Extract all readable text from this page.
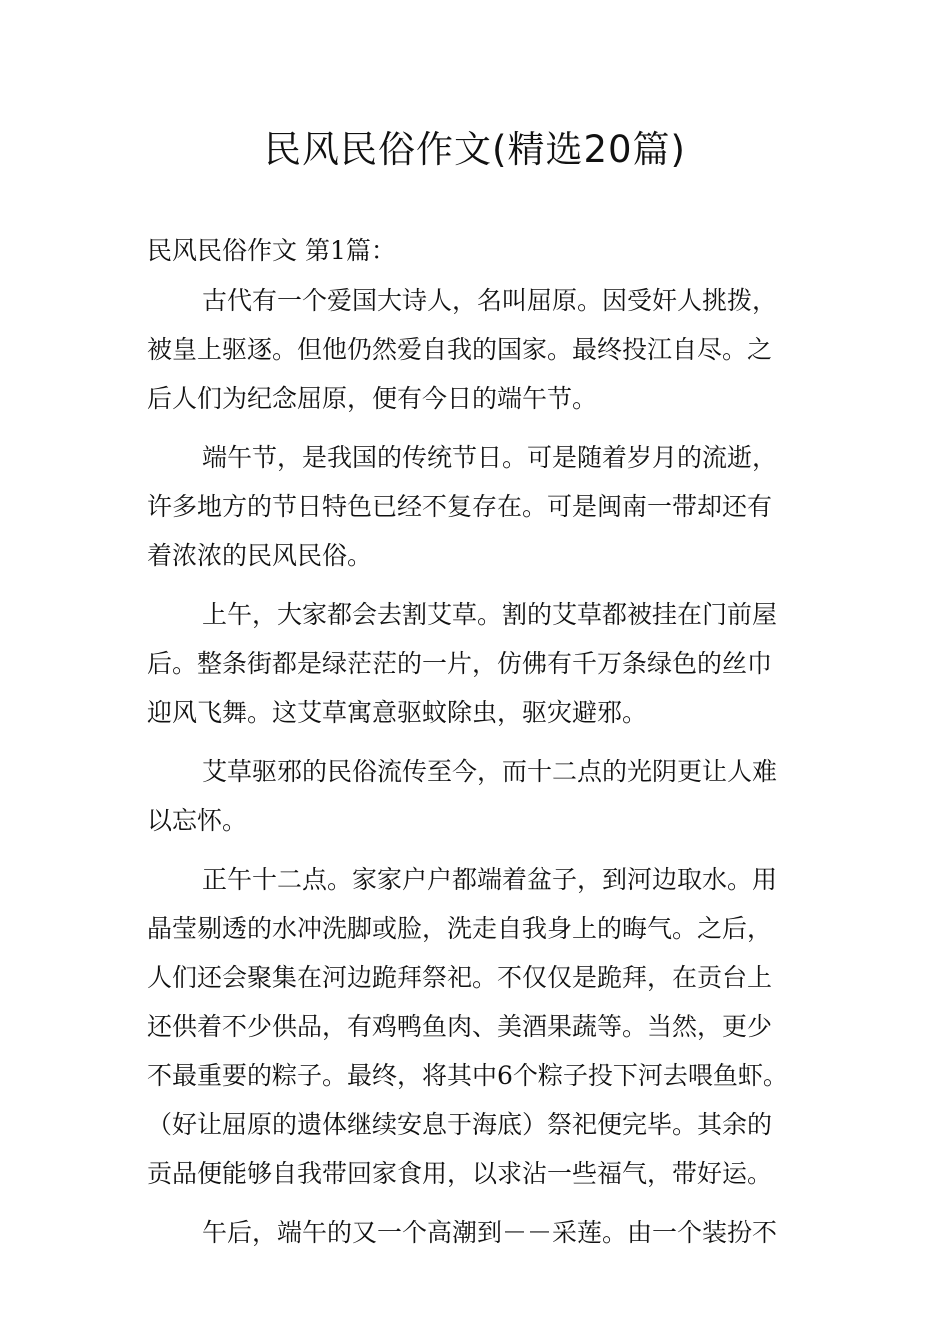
民风民俗作文(精选20篇)
民风民俗作文 第1篇：

古代有一个爱国大诗人，名叫屈原。因受奸人挑拨，
被皇上驱逐。但他仍然爱自我的国家。最终投江自尽。之
后人们为纪念屈原，便有今日的端午节。

端午节，是我国的传统节日。可是随着岁月的流逝，
许多地方的节日特色已经不复存在。可是闽南一带却还有
着浓浓的民风民俗。

上午，大家都会去割艾草。割的艾草都被挂在门前屋
后。整条街都是绿茫茫的一片，仿佛有千万条绿色的丝巾
迎风飞舞。这艾草寓意驱蚊除虫，驱灾避邪。

艾草驱邪的民俗流传至今，而十二点的光阴更让人难
以忘怀。

正午十二点。家家户户都端着盆子，到河边取水。用
晶莹剔透的水冲洗脚或脸，洗走自我身上的晦气。之后，
人们还会聚集在河边跪拜祭祀。不仅仅是跪拜，在贡台上
还供着不少供品，有鸡鸭鱼肉、美酒果蔬等。当然，更少
不最重要的粽子。最终，将其中6个粽子投下河去喂鱼虾。
（好让屈原的遗体继续安息于海底）祭祀便完毕。其余的
贡品便能够自我带回家食用，以求沾一些福气，带好运。

午后，端午的又一个高潮到－－采莲。由一个装扮不
